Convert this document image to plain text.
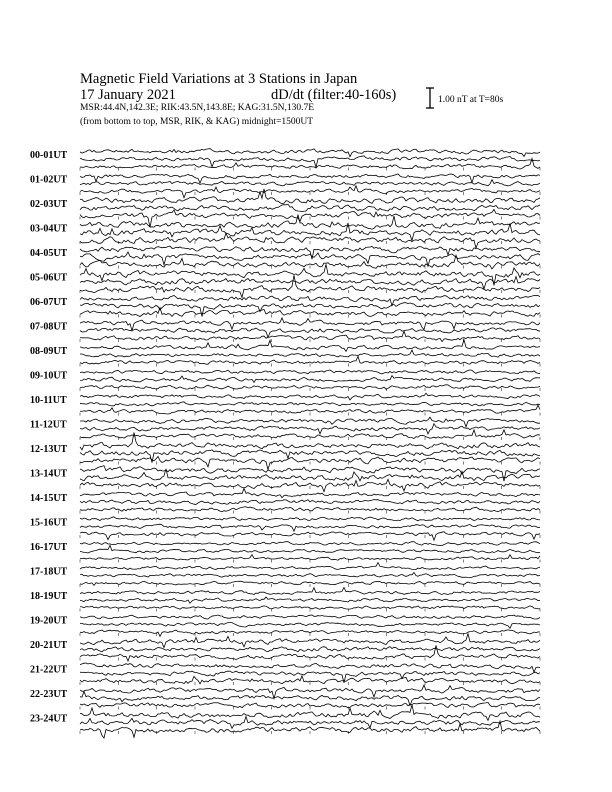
Magnetic Field Variations at 3 Stations in Japan
17 January 2021	dD/dt (filter:40-160s)
MSR:44.4N,142.3E; RIK:43.5N,143.8E; KAG:31.5N,130.7E
(from bottom to top, MSR, RIK, & KAG) midnight=1500UT
1.00 nT at T=80s
00-01UT
01-02UT
02-03UT
03-04UT
04-05UT
05-06UT
06-07UT
07-08UT
08-09UT
09-10UT
10-11UT
11-12UT
12-13UT
13-14UT
14-15UT
15-16UT
16-17UT
17-18UT
18-19UT
19-20UT
20-21UT
21-22UT
22-23UT
23-24UT
